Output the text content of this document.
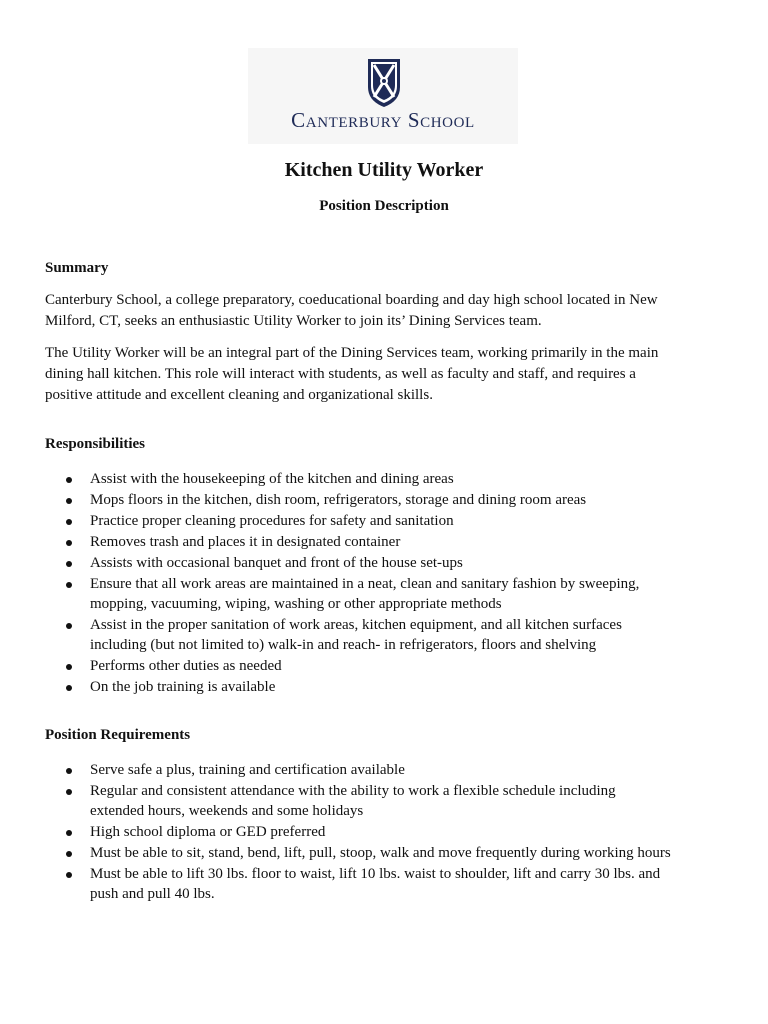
Canterbury School
Kitchen Utility Worker
Position Description
Summary

Canterbury School, a college preparatory, coeducational boarding and day high school located in New
Milford, CT, seeks an enthusiastic Utility Worker to join its’ Dining Services team.

The Utility Worker will be an integral part of the Dining Services team, working primarily in the main
dining hall kitchen. This role will interact with students, as well as faculty and staff, and requires a
positive attitude and excellent cleaning and organizational skills.

Responsibilities
Assist with the housekeeping of the kitchen and dining areas
Mops floors in the kitchen, dish room, refrigerators, storage and dining room areas
Practice proper cleaning procedures for safety and sanitation
Removes trash and places it in designated container
Assists with occasional banquet and front of the house set-ups
Ensure that all work areas are maintained in a neat, clean and sanitary fashion by sweeping,
mopping, vacuuming, wiping, washing or other appropriate methods
Assist in the proper sanitation of work areas, kitchen equipment, and all kitchen surfaces
including (but not limited to) walk-in and reach- in refrigerators, floors and shelving
Performs other duties as needed
On the job training is available
Position Requirements
Serve safe a plus, training and certification available
Regular and consistent attendance with the ability to work a flexible schedule including
extended hours, weekends and some holidays
High school diploma or GED preferred
Must be able to sit, stand, bend, lift, pull, stoop, walk and move frequently during working hours
Must be able to lift 30 lbs. floor to waist, lift 10 lbs. waist to shoulder, lift and carry 30 lbs. and
push and pull 40 lbs.
